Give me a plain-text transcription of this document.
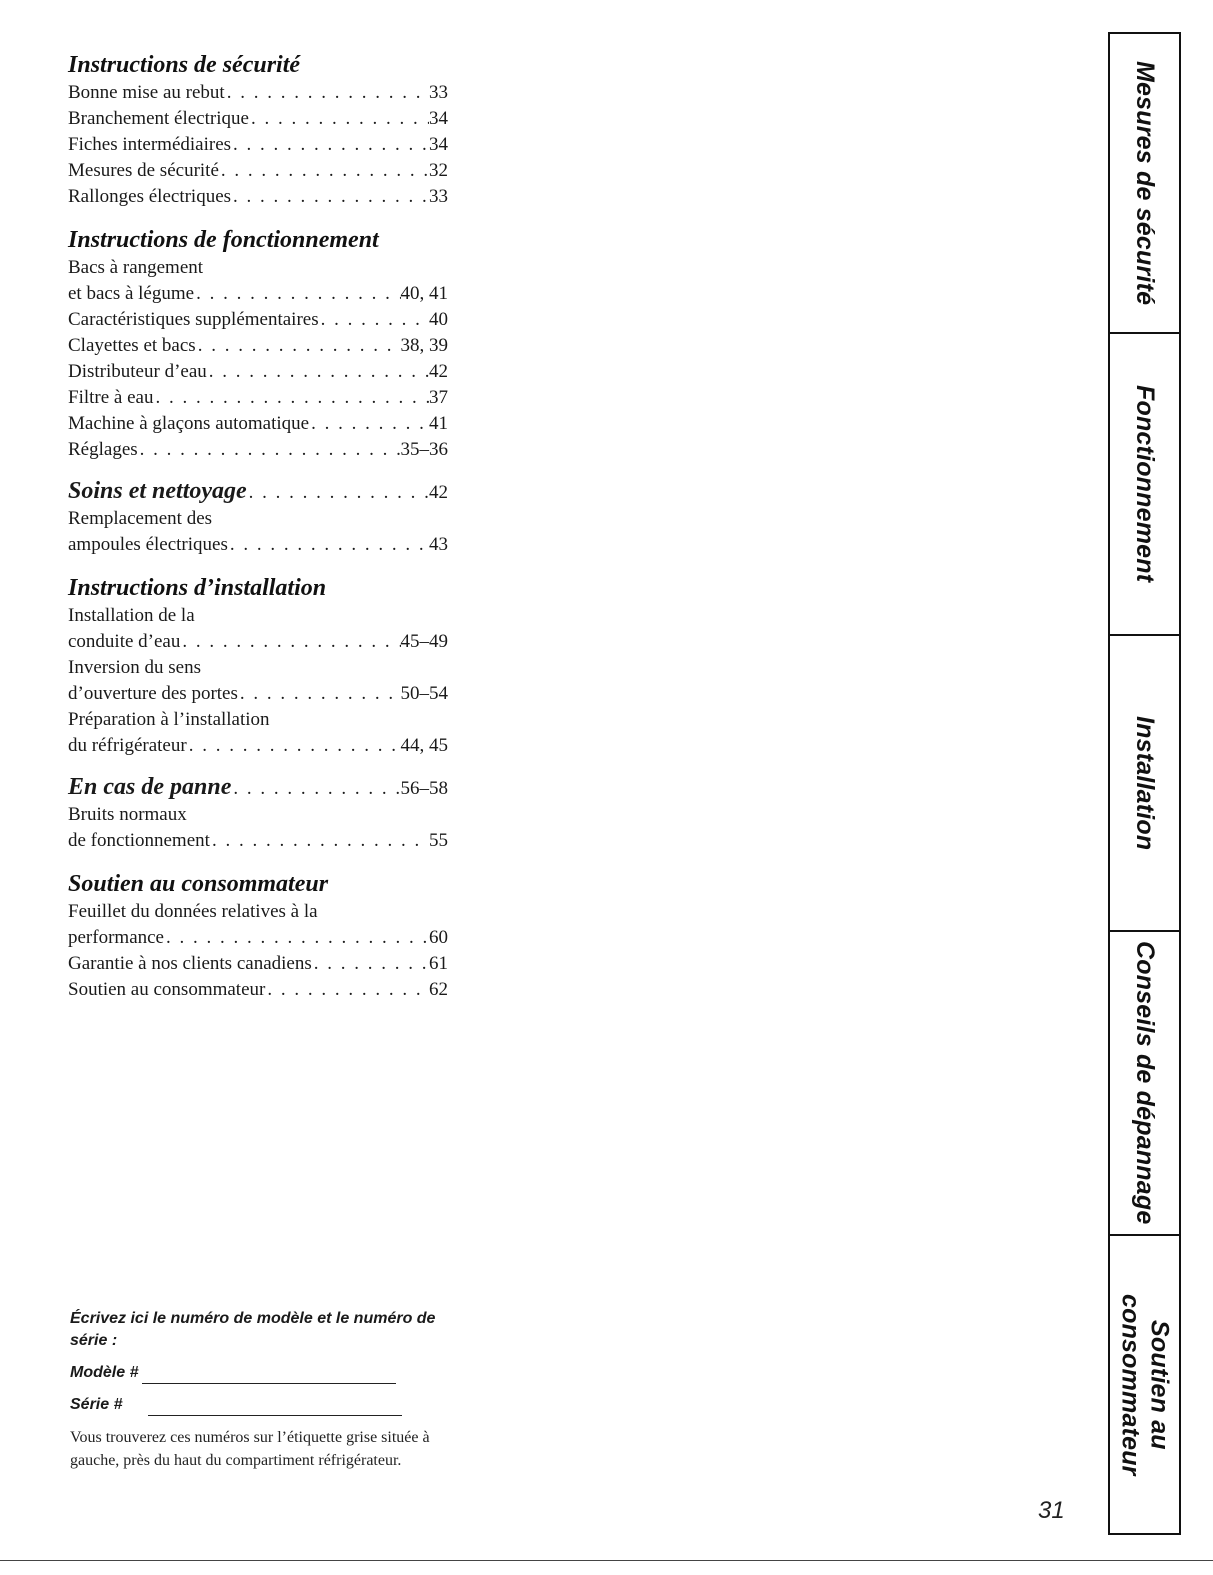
Instructions de sécurité
Bonne mise au rebut . . .	33
Branchement électrique . . .	34
Fiches intermédiaires . . .	34
Mesures de sécurité . . .	32
Rallonges électriques . . .	33
Instructions de fonctionnement
Bacs à rangement
et bacs à légume . . .	40, 41
Caractéristiques supplémentaires . . .	40
Clayettes et bacs . . .	38, 39
Distributeur d’eau . . .	42
Filtre à eau . . .	37
Machine à glaçons automatique . . .	41
Réglages . . .	35–36
Soins et nettoyage . . .	42
Remplacement des
ampoules électriques . . .	43
Instructions d’installation
Installation de la
conduite d’eau . . .	45–49
Inversion du sens
d’ouverture des portes . . .	50–54
Préparation à l’installation
du réfrigérateur . . .	44, 45
En cas de panne . . .	56–58
Bruits normaux
de fonctionnement . . .	55
Soutien au consommateur
Feuillet du données relatives à la
performance . . .	60
Garantie à nos clients canadiens . . .	61
Soutien au consommateur . . .	62
Écrivez ici le numéro de modèle et le numéro de série :
Modèle #
Série #
Vous trouverez ces numéros sur l’étiquette grise située à gauche, près du haut du compartiment réfrigérateur.
31
Mesures de sécurité
Fonctionnement
Installation
Conseils de dépannage
Soutien au
consommateur
